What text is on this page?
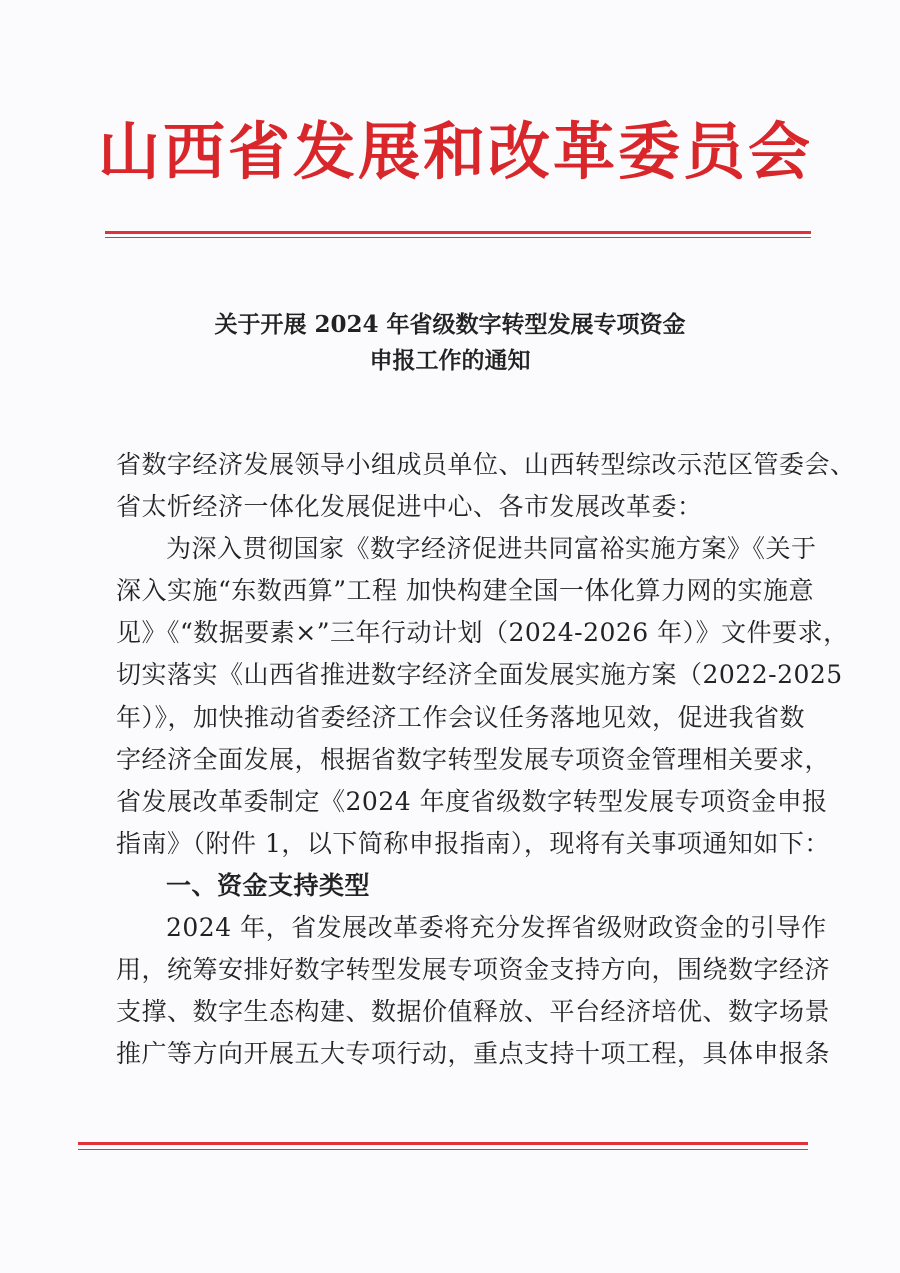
山西省发展和改革委员会
关于开展 2024 年省级数字转型发展专项资金
申报工作的通知
省数字经济发展领导小组成员单位、山西转型综改示范区管委会、
省太忻经济一体化发展促进中心、各市发展改革委：
为深入贯彻国家《数字经济促进共同富裕实施方案》《关于
深入实施“东数西算”工程 加快构建全国一体化算力网的实施意
见》《“数据要素×”三年行动计划（2024-2026 年）》文件要求，
切实落实《山西省推进数字经济全面发展实施方案（2022-2025
年）》，加快推动省委经济工作会议任务落地见效，促进我省数
字经济全面发展，根据省数字转型发展专项资金管理相关要求，
省发展改革委制定《2024 年度省级数字转型发展专项资金申报
指南》（附件 1，以下简称申报指南），现将有关事项通知如下：
一、资金支持类型
2024 年，省发展改革委将充分发挥省级财政资金的引导作
用，统筹安排好数字转型发展专项资金支持方向，围绕数字经济
支撑、数字生态构建、数据价值释放、平台经济培优、数字场景
推广等方向开展五大专项行动，重点支持十项工程，具体申报条
